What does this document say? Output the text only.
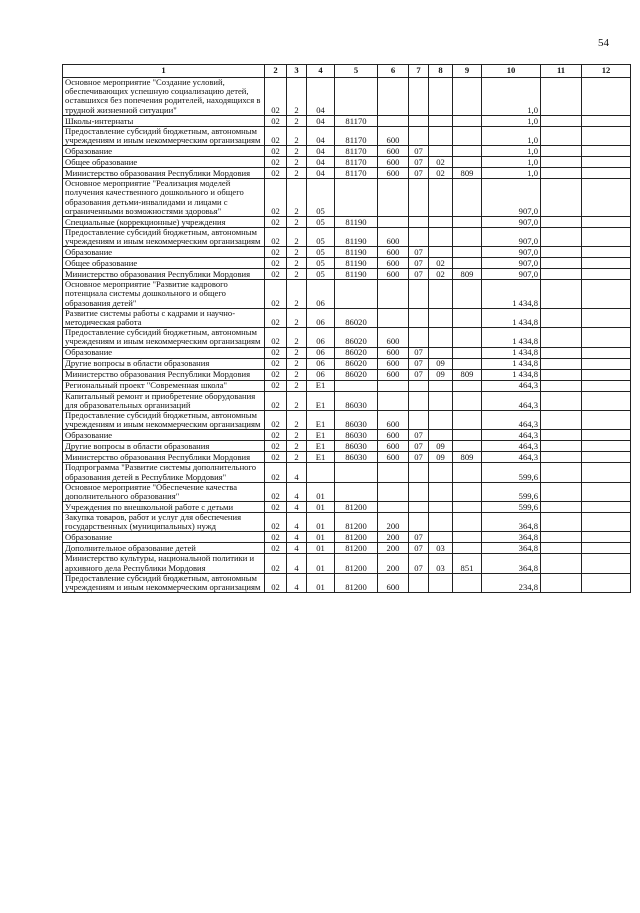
54
1	2	3	4	5	6	7	8	9	10	11	12
Основное мероприятие "Создание условий, обеспечивающих успешную социализацию детей, оставшихся без попечения родителей, находящихся в трудной жизненной ситуации"	02	2	04						1,0		
Школы-интернаты	02	2	04	81170					1,0		
Предоставление субсидий бюджетным, автономным учреждениям и иным некоммерческим организациям	02	2	04	81170	600				1,0		
Образование	02	2	04	81170	600	07			1,0		
Общее образование	02	2	04	81170	600	07	02		1,0		
Министерство образования Республики Мордовия	02	2	04	81170	600	07	02	809	1,0		
Основное мероприятие "Реализация моделей получения качественного дошкольного и общего образования детьми-инвалидами и лицами с ограниченными возможностями здоровья"	02	2	05						907,0		
Специальные (коррекционные) учреждения	02	2	05	81190					907,0		
Предоставление субсидий бюджетным, автономным учреждениям и иным некоммерческим организациям	02	2	05	81190	600				907,0		
Образование	02	2	05	81190	600	07			907,0		
Общее образование	02	2	05	81190	600	07	02		907,0		
Министерство образования Республики Мордовия	02	2	05	81190	600	07	02	809	907,0		
Основное мероприятие "Развитие кадрового потенциала системы дошкольного и общего образования детей"	02	2	06						1 434,8		
Развитие системы работы с кадрами и научно-методическая работа	02	2	06	86020					1 434,8		
Предоставление субсидий бюджетным, автономным учреждениям и иным некоммерческим организациям	02	2	06	86020	600				1 434,8		
Образование	02	2	06	86020	600	07			1 434,8		
Другие вопросы в области образования	02	2	06	86020	600	07	09		1 434,8		
Министерство образования Республики Мордовия	02	2	06	86020	600	07	09	809	1 434,8		
Региональный проект "Современная школа"	02	2	E1						464,3		
Капитальный ремонт и приобретение оборудования для образовательных организаций	02	2	E1	86030					464,3		
Предоставление субсидий бюджетным, автономным учреждениям и иным некоммерческим организациям	02	2	E1	86030	600				464,3		
Образование	02	2	E1	86030	600	07			464,3		
Другие вопросы в области образования	02	2	E1	86030	600	07	09		464,3		
Министерство образования Республики Мордовия	02	2	E1	86030	600	07	09	809	464,3		
Подпрограмма "Развитие системы дополнительного образования детей в Республике Мордовия"	02	4							599,6		
Основное мероприятие "Обеспечение качества дополнительного образования"	02	4	01						599,6		
Учреждения по внешкольной работе с детьми	02	4	01	81200					599,6		
Закупка товаров, работ и услуг для обеспечения государственных (муниципальных) нужд	02	4	01	81200	200				364,8		
Образование	02	4	01	81200	200	07			364,8		
Дополнительное образование детей	02	4	01	81200	200	07	03		364,8		
Министерство культуры, национальной политики и архивного дела Республики Мордовия	02	4	01	81200	200	07	03	851	364,8		
Предоставление субсидий бюджетным, автономным учреждениям и иным некоммерческим организациям	02	4	01	81200	600				234,8		
